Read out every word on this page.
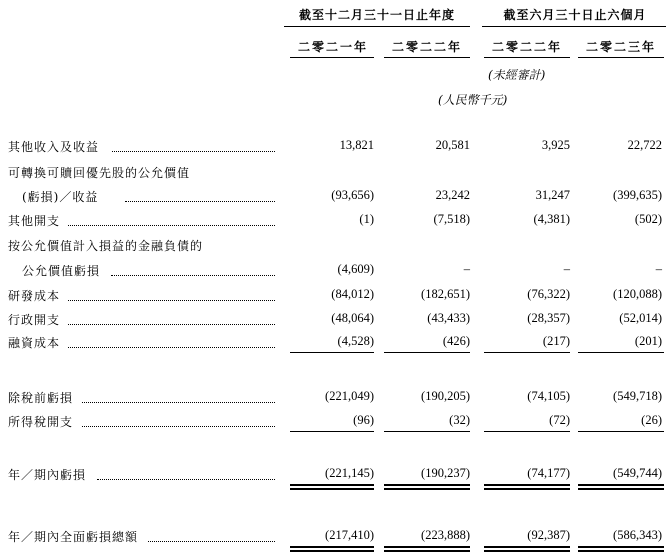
截至十二月三十一日止年度	截至六月三十日止六個月
二零二一年	二零二二年	二零二二年	二零二三年
(未經審計)
(人民幣千元)
其他收入及收益	13,821	20,581	3,925	22,722
可轉換可贖回優先股的公允價值
(虧損)／收益	(93,656)	23,242	31,247	(399,635)
其他開支	(1)	(7,518)	(4,381)	(502)
按公允價值計入損益的金融負債的
公允價值虧損	(4,609)	–	–	–
研發成本	(84,012)	(182,651)	(76,322)	(120,088)
行政開支	(48,064)	(43,433)	(28,357)	(52,014)
融資成本	(4,528)	(426)	(217)	(201)
除稅前虧損	(221,049)	(190,205)	(74,105)	(549,718)
所得稅開支	(96)	(32)	(72)	(26)
年／期內虧損	(221,145)	(190,237)	(74,177)	(549,744)
年／期內全面虧損總額	(217,410)	(223,888)	(92,387)	(586,343)
